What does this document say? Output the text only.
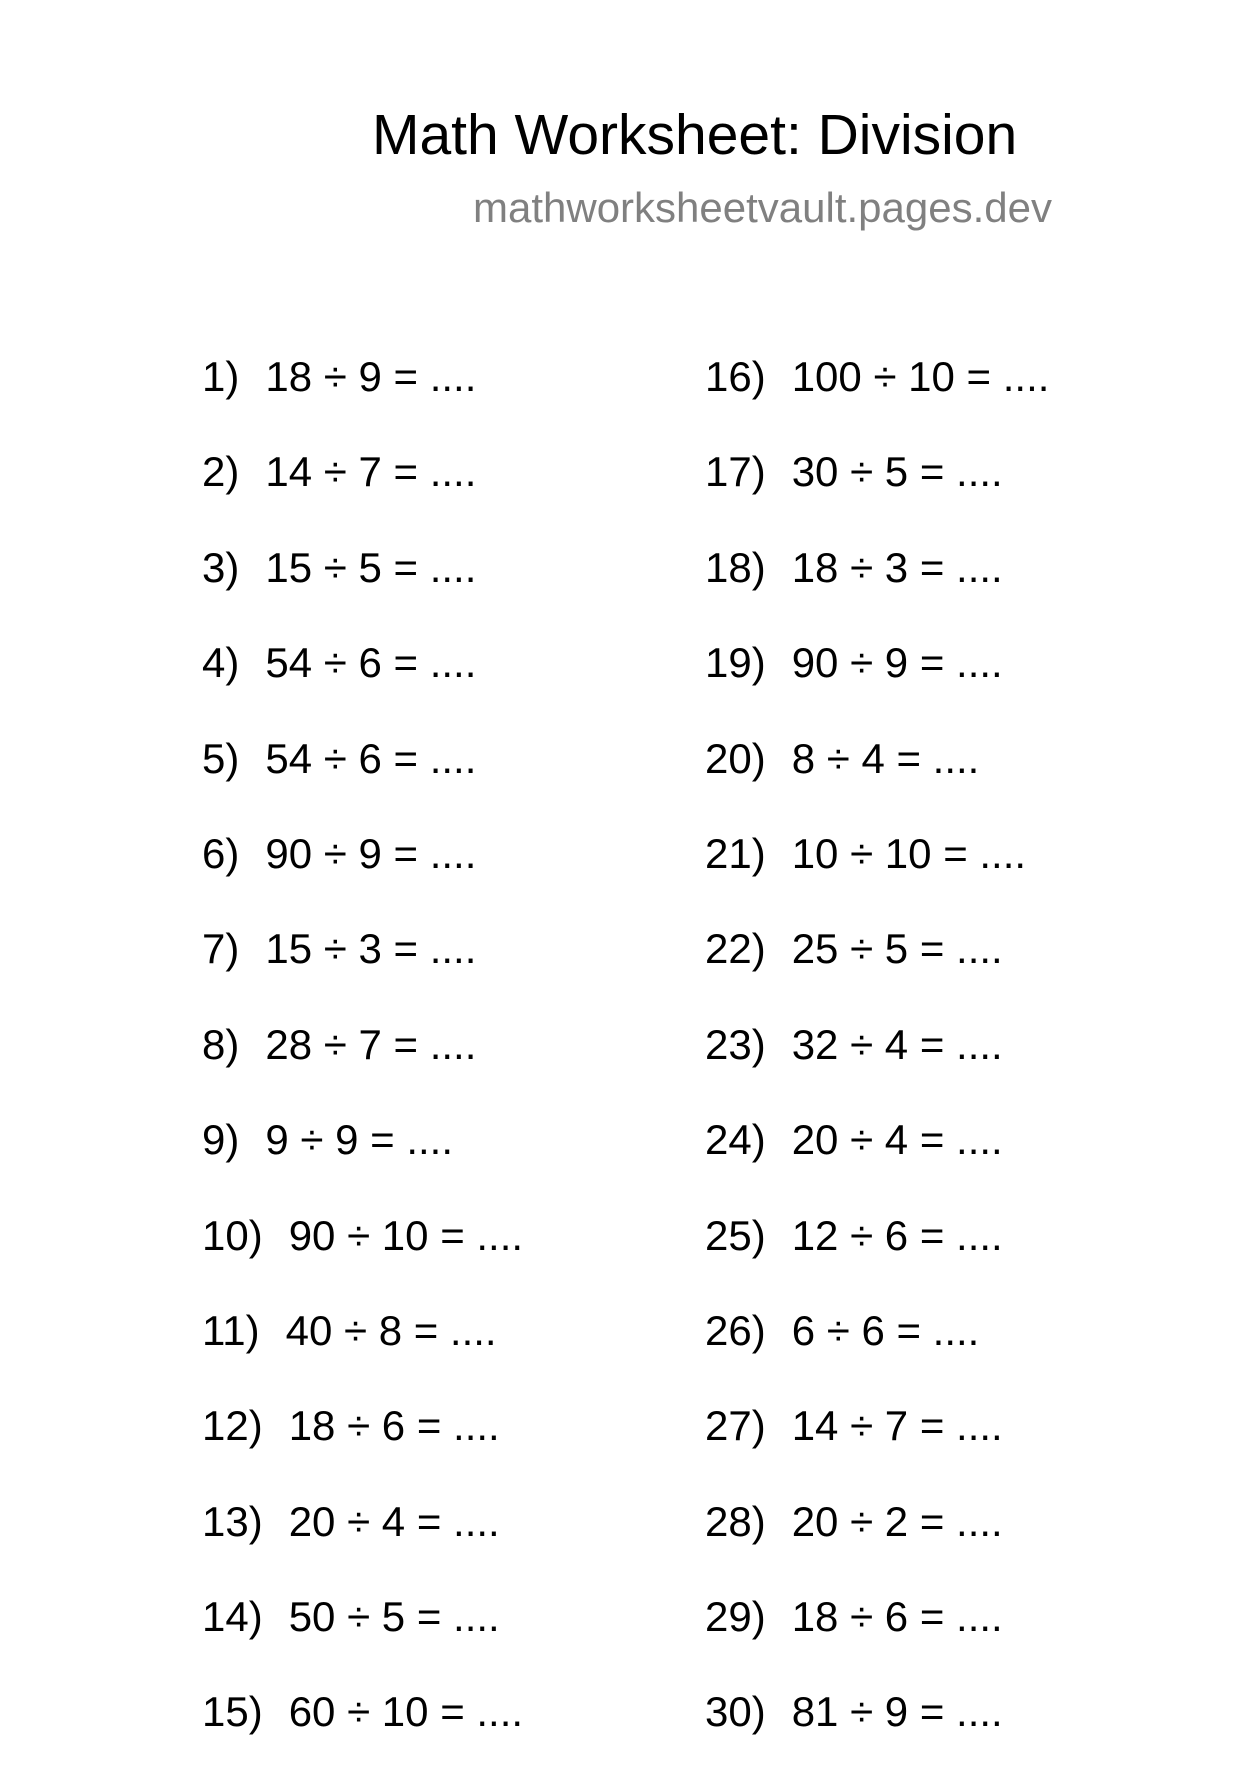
Math Worksheet: Division
mathworksheetvault.pages.dev
1) 18 ÷ 9 = ....
2) 14 ÷ 7 = ....
3) 15 ÷ 5 = ....
4) 54 ÷ 6 = ....
5) 54 ÷ 6 = ....
6) 90 ÷ 9 = ....
7) 15 ÷ 3 = ....
8) 28 ÷ 7 = ....
9) 9 ÷ 9 = ....
10) 90 ÷ 10 = ....
11) 40 ÷ 8 = ....
12) 18 ÷ 6 = ....
13) 20 ÷ 4 = ....
14) 50 ÷ 5 = ....
15) 60 ÷ 10 = ....
16) 100 ÷ 10 = ....
17) 30 ÷ 5 = ....
18) 18 ÷ 3 = ....
19) 90 ÷ 9 = ....
20) 8 ÷ 4 = ....
21) 10 ÷ 10 = ....
22) 25 ÷ 5 = ....
23) 32 ÷ 4 = ....
24) 20 ÷ 4 = ....
25) 12 ÷ 6 = ....
26) 6 ÷ 6 = ....
27) 14 ÷ 7 = ....
28) 20 ÷ 2 = ....
29) 18 ÷ 6 = ....
30) 81 ÷ 9 = ....
